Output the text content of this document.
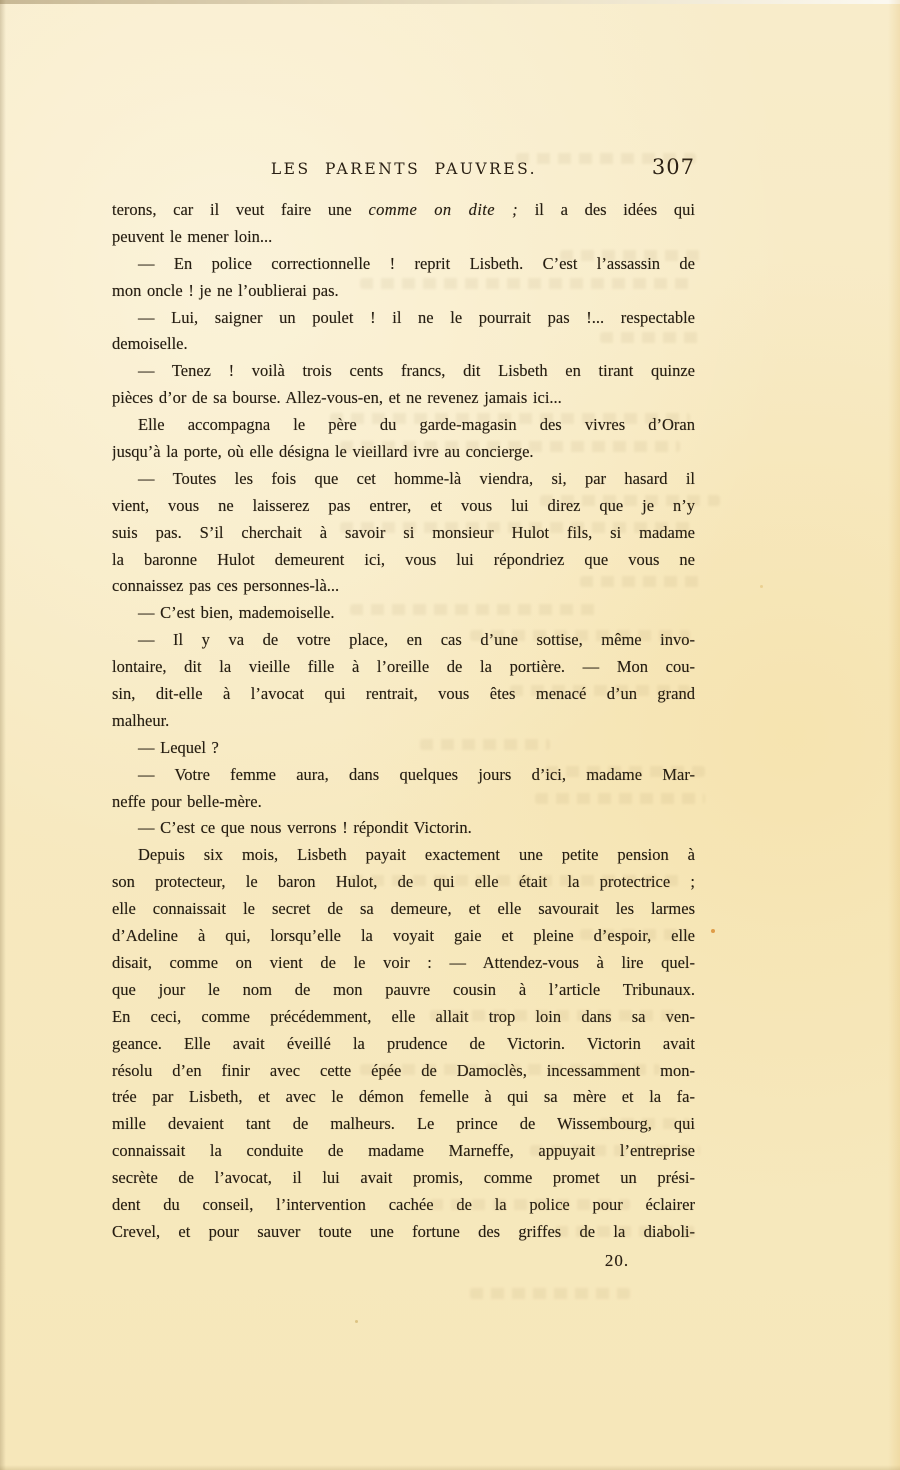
LES PARENTS PAUVRES.	307
terons, car il veut faire une comme on dite ; il a des idées qui
peuvent le mener loin...
— En police correctionnelle ! reprit Lisbeth. C’est l’assassin de
mon oncle ! je ne l’oublierai pas.
— Lui, saigner un poulet ! il ne le pourrait pas !... respectable
demoiselle.
— Tenez ! voilà trois cents francs, dit Lisbeth en tirant quinze
pièces d’or de sa bourse. Allez-vous-en, et ne revenez jamais ici...
Elle accompagna le père du garde-magasin des vivres d’Oran
jusqu’à la porte, où elle désigna le vieillard ivre au concierge.
— Toutes les fois que cet homme-là viendra, si, par hasard il
vient, vous ne laisserez pas entrer, et vous lui direz que je n’y
suis pas. S’il cherchait à savoir si monsieur Hulot fils, si madame
la baronne Hulot demeurent ici, vous lui répondriez que vous ne
connaissez pas ces personnes-là...
— C’est bien, mademoiselle.
— Il y va de votre place, en cas d’une sottise, même invo-
lontaire, dit la vieille fille à l’oreille de la portière. — Mon cou-
sin, dit-elle à l’avocat qui rentrait, vous êtes menacé d’un grand
malheur.
— Lequel ?
— Votre femme aura, dans quelques jours d’ici, madame Mar-
neffe pour belle-mère.
— C’est ce que nous verrons ! répondit Victorin.
Depuis six mois, Lisbeth payait exactement une petite pension à
son protecteur, le baron Hulot, de qui elle était la protectrice ;
elle connaissait le secret de sa demeure, et elle savourait les larmes
d’Adeline à qui, lorsqu’elle la voyait gaie et pleine d’espoir, elle
disait, comme on vient de le voir : — Attendez-vous à lire quel-
que jour le nom de mon pauvre cousin à l’article Tribunaux.
En ceci, comme précédemment, elle allait trop loin dans sa ven-
geance. Elle avait éveillé la prudence de Victorin. Victorin avait
résolu d’en finir avec cette épée de Damoclès, incessamment mon-
trée par Lisbeth, et avec le démon femelle à qui sa mère et la fa-
mille devaient tant de malheurs. Le prince de Wissembourg, qui
connaissait la conduite de madame Marneffe, appuyait l’entreprise
secrète de l’avocat, il lui avait promis, comme promet un prési-
dent du conseil, l’intervention cachée de la police pour éclairer
Crevel, et pour sauver toute une fortune des griffes de la diaboli-
20.
